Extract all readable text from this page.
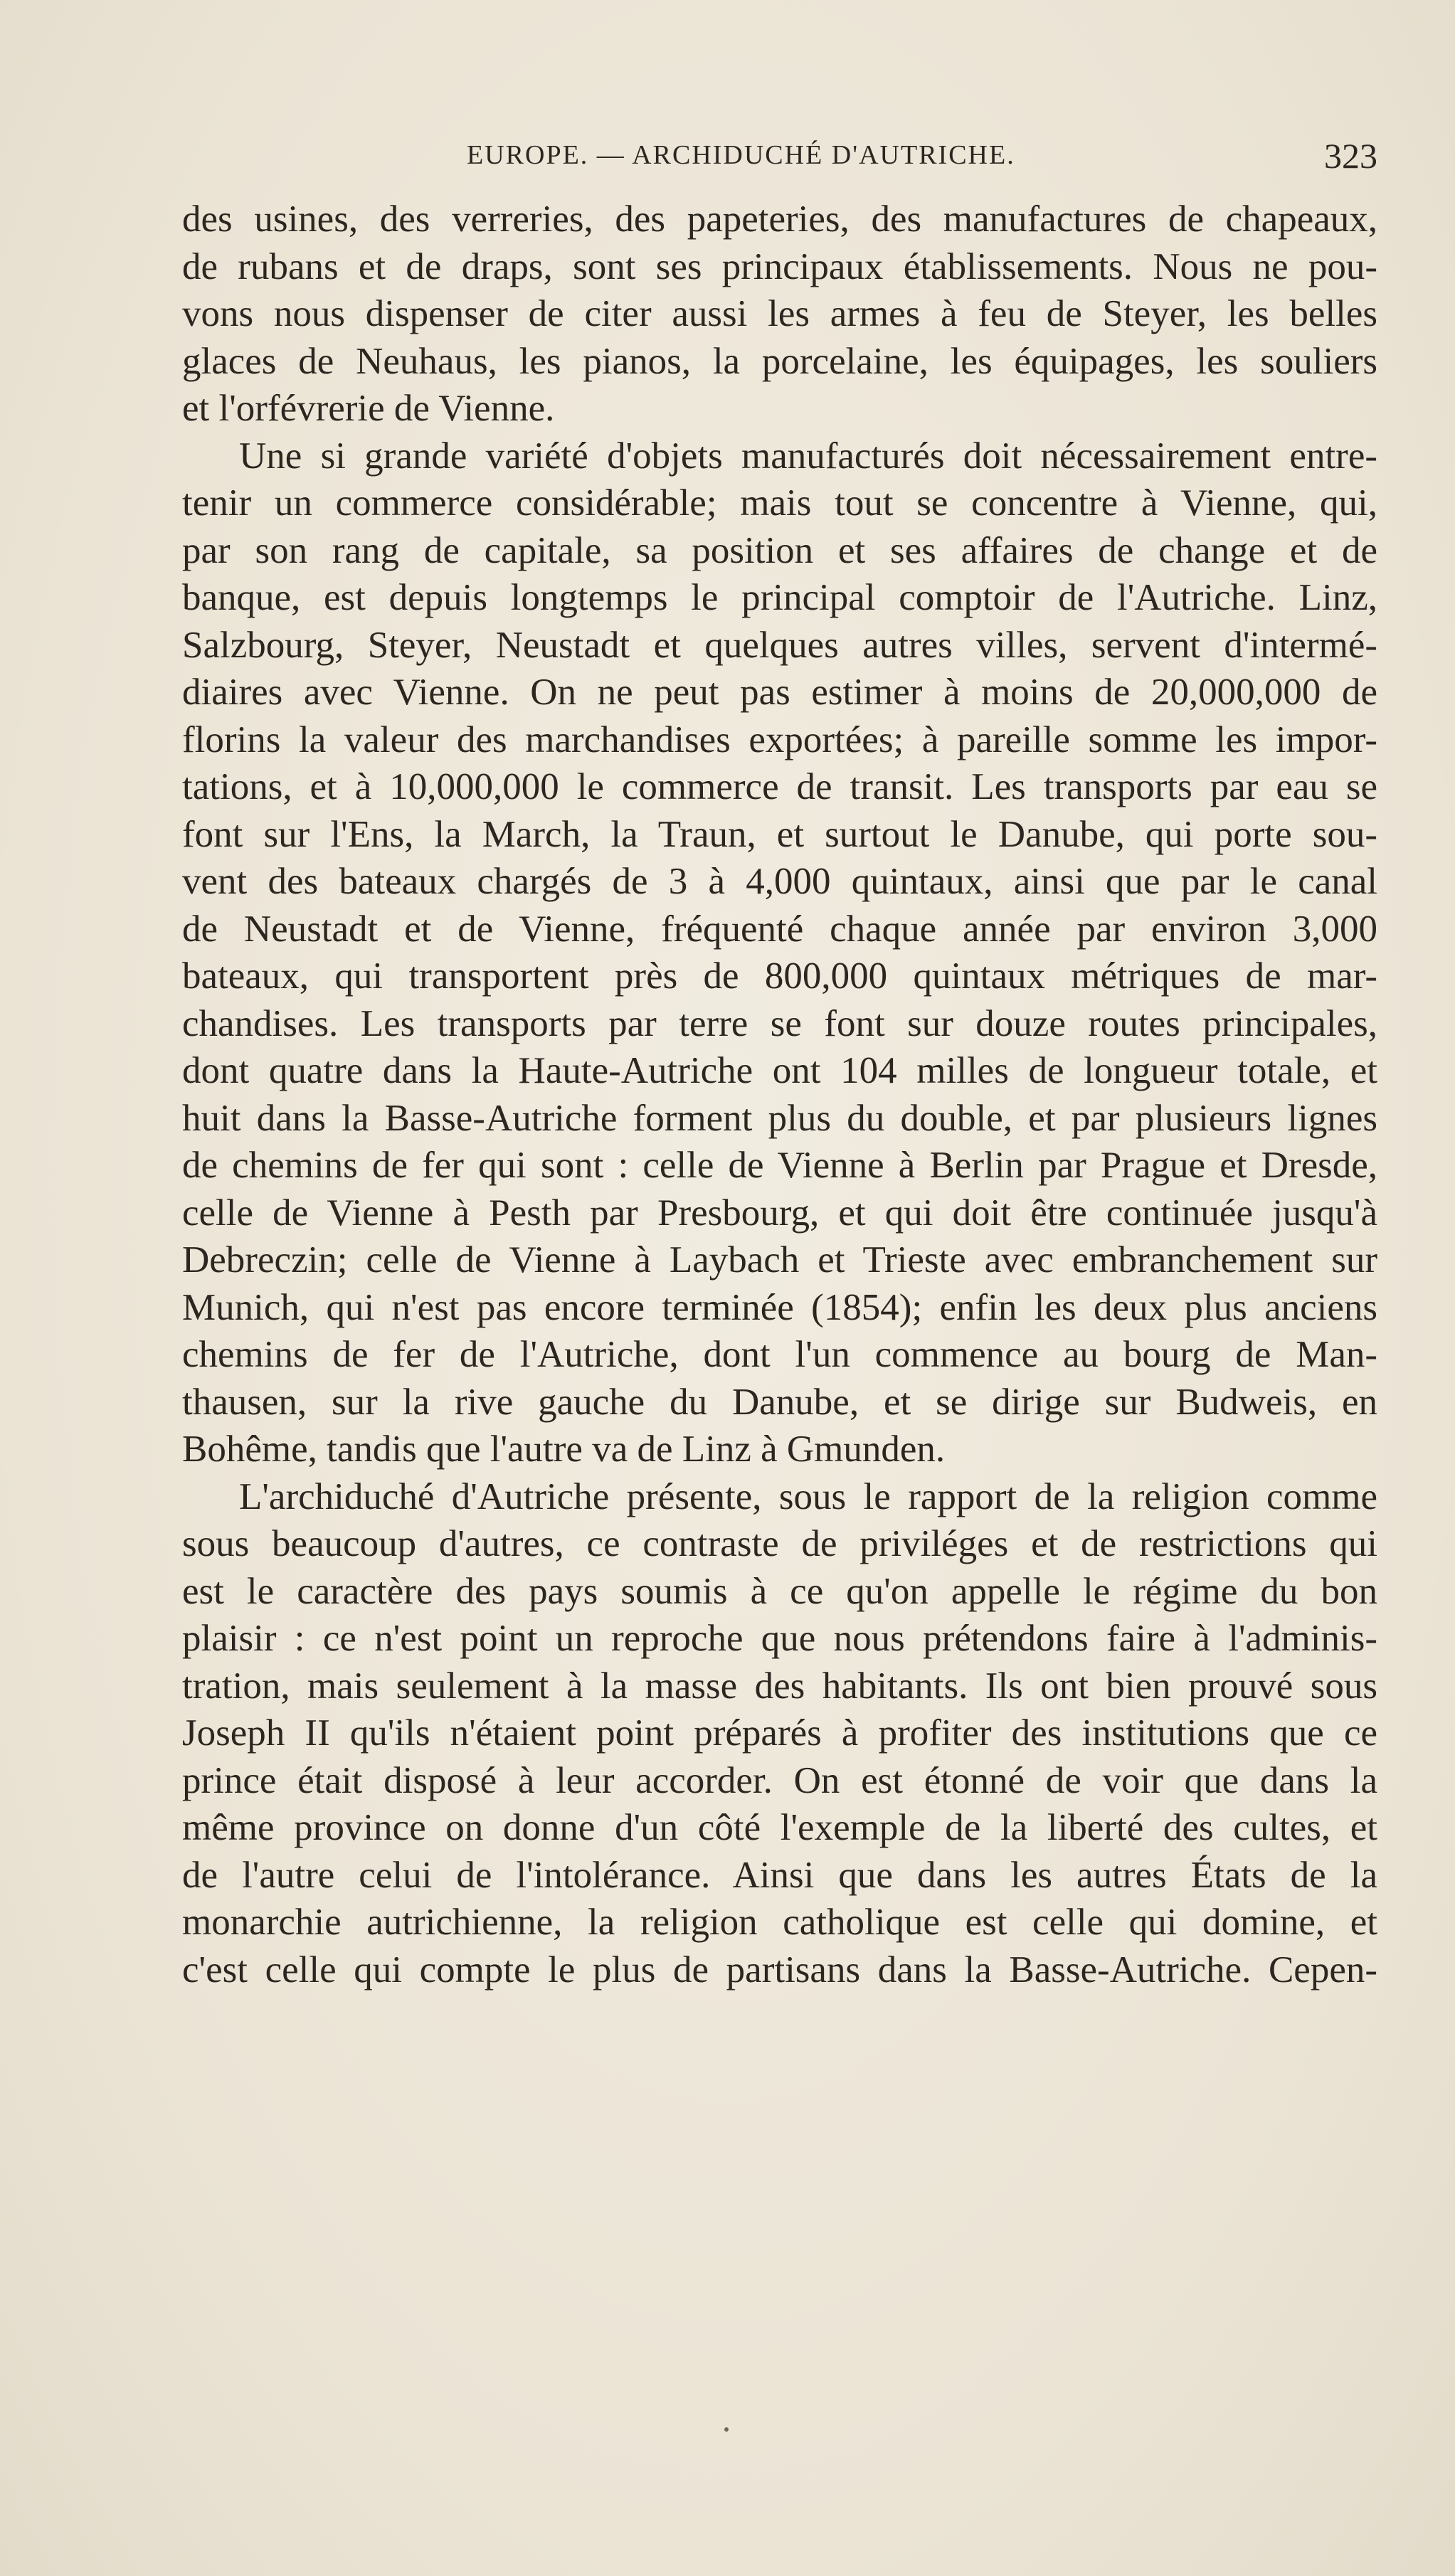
EUROPE. — ARCHIDUCHÉ D'AUTRICHE.	323
des usines, des verreries, des papeteries, des manufactures de chapeaux,
de rubans et de draps, sont ses principaux établissements. Nous ne pou-
vons nous dispenser de citer aussi les armes à feu de Steyer, les belles
glaces de Neuhaus, les pianos, la porcelaine, les équipages, les souliers
et l'orfévrerie de Vienne.
Une si grande variété d'objets manufacturés doit nécessairement entre-
tenir un commerce considérable; mais tout se concentre à Vienne, qui,
par son rang de capitale, sa position et ses affaires de change et de
banque, est depuis longtemps le principal comptoir de l'Autriche. Linz,
Salzbourg, Steyer, Neustadt et quelques autres villes, servent d'intermé-
diaires avec Vienne. On ne peut pas estimer à moins de 20,000,000 de
florins la valeur des marchandises exportées; à pareille somme les impor-
tations, et à 10,000,000 le commerce de transit. Les transports par eau se
font sur l'Ens, la March, la Traun, et surtout le Danube, qui porte sou-
vent des bateaux chargés de 3 à 4,000 quintaux, ainsi que par le canal
de Neustadt et de Vienne, fréquenté chaque année par environ 3,000
bateaux, qui transportent près de 800,000 quintaux métriques de mar-
chandises. Les transports par terre se font sur douze routes principales,
dont quatre dans la Haute-Autriche ont 104 milles de longueur totale, et
huit dans la Basse-Autriche forment plus du double, et par plusieurs lignes
de chemins de fer qui sont : celle de Vienne à Berlin par Prague et Dresde,
celle de Vienne à Pesth par Presbourg, et qui doit être continuée jusqu'à
Debreczin; celle de Vienne à Laybach et Trieste avec embranchement sur
Munich, qui n'est pas encore terminée (1854); enfin les deux plus anciens
chemins de fer de l'Autriche, dont l'un commence au bourg de Man-
thausen, sur la rive gauche du Danube, et se dirige sur Budweis, en
Bohême, tandis que l'autre va de Linz à Gmunden.
L'archiduché d'Autriche présente, sous le rapport de la religion comme
sous beaucoup d'autres, ce contraste de priviléges et de restrictions qui
est le caractère des pays soumis à ce qu'on appelle le régime du bon
plaisir : ce n'est point un reproche que nous prétendons faire à l'adminis-
tration, mais seulement à la masse des habitants. Ils ont bien prouvé sous
Joseph II qu'ils n'étaient point préparés à profiter des institutions que ce
prince était disposé à leur accorder. On est étonné de voir que dans la
même province on donne d'un côté l'exemple de la liberté des cultes, et
de l'autre celui de l'intolérance. Ainsi que dans les autres États de la
monarchie autrichienne, la religion catholique est celle qui domine, et
c'est celle qui compte le plus de partisans dans la Basse-Autriche. Cepen-
